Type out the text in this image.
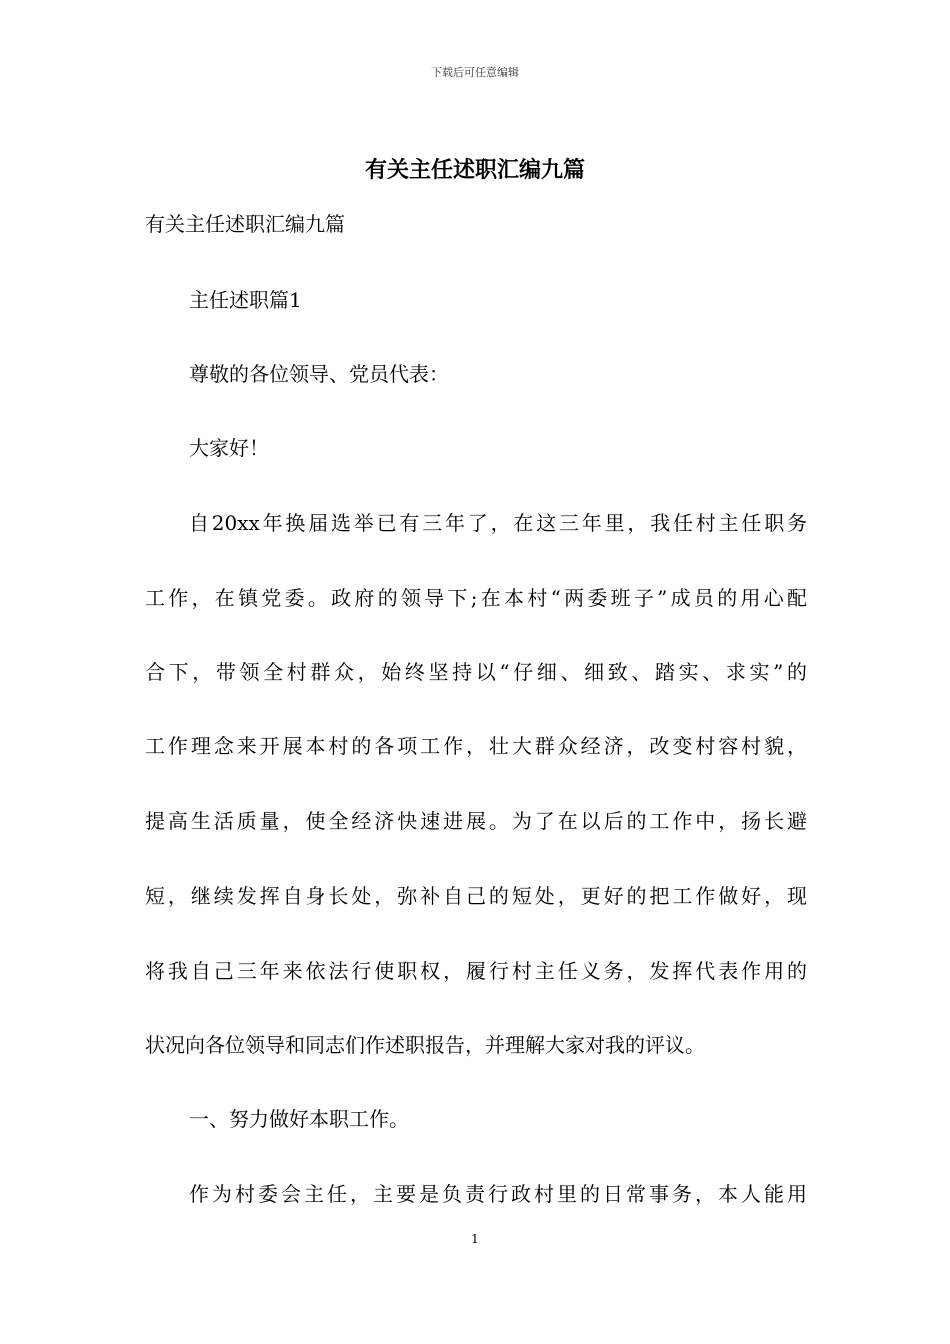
下载后可任意编辑
有关主任述职汇编九篇
有关主任述职汇编九篇
主任述职篇1
尊敬的各位领导、党员代表：
大家好！
自20xx年换届选举已有三年了，在这三年里，我任村主任职务
工作，在镇党委。政府的领导下;在本村“两委班子”成员的用心配
合下，带领全村群众，始终坚持以“仔细、细致、踏实、求实”的
工作理念来开展本村的各项工作，壮大群众经济，改变村容村貌，
提高生活质量，使全经济快速进展。为了在以后的工作中，扬长避
短，继续发挥自身长处，弥补自己的短处，更好的把工作做好，现
将我自己三年来依法行使职权，履行村主任义务，发挥代表作用的
状况向各位领导和同志们作述职报告，并理解大家对我的评议。
一、努力做好本职工作。
作为村委会主任，主要是负责行政村里的日常事务，本人能用
1
